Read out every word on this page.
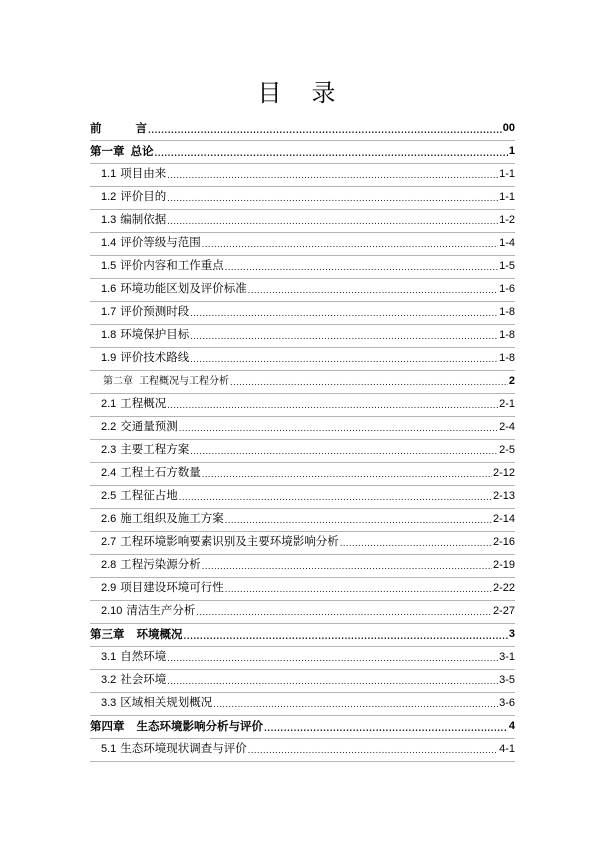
目 录
前	言 .....	00
第一章 总论 .....	1
1.1 项目由来 .....	1-1
1.2 评价目的 .....	1-1
1.3 编制依据 .....	1-2
1.4 评价等级与范围 .....	1-4
1.5 评价内容和工作重点 .....	1-5
1.6 环境功能区划及评价标准 .....	1-6
1.7 评价预测时段 .....	1-8
1.8 环境保护目标 .....	1-8
1.9 评价技术路线 .....	1-8
第二章 工程概况与工程分析 .....	2
2.1 工程概况 .....	2-1
2.2 交通量预测 .....	2-4
2.3 主要工程方案 .....	2-5
2.4 工程土石方数量 .....	2-12
2.5 工程征占地 .....	2-13
2.6 施工组织及施工方案 .....	2-14
2.7 工程环境影响要素识别及主要环境影响分析 .....	2-16
2.8 工程污染源分析 .....	2-19
2.9 项目建设环境可行性 .....	2-22
2.10 清洁生产分析 .....	2-27
第三章 环境概况 .....	3
3.1 自然环境 .....	3-1
3.2 社会环境 .....	3-5
3.3 区域相关规划概况 .....	3-6
第四章 生态环境影响分析与评价 .....	4
5.1 生态环境现状调查与评价 .....	4-1
